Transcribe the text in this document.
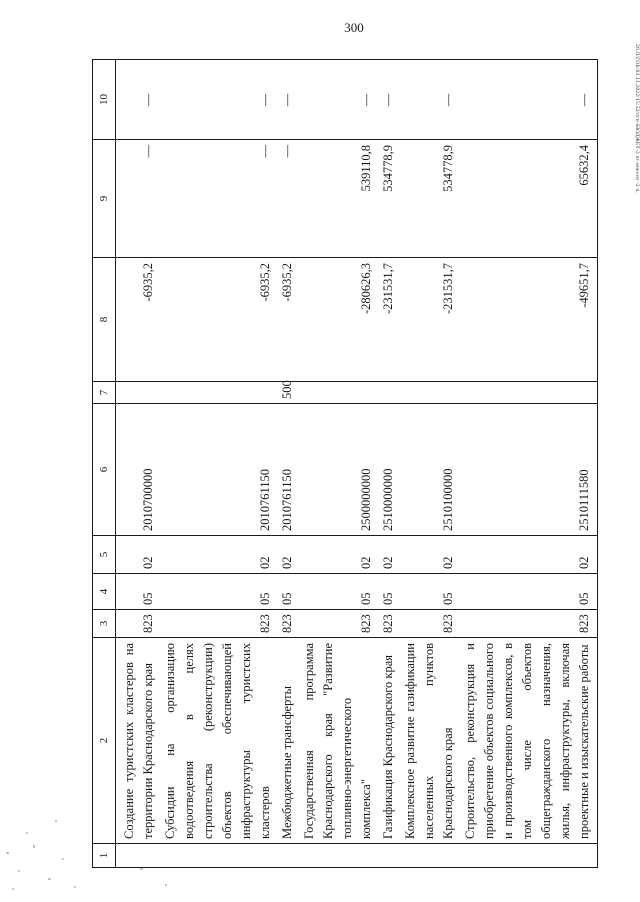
300
20.Л/ГОБ/02.11.2022/15:52/пгн-БЮДЖЕТ-2 чт-внесен -2 ч.
1	2	3	4	5	6	7	8	9	10
	Создание туристских кластеров на территории Краснодарского края	823	05	02	2010700000		-6935,2	—	—
	Субсидии на организацию водоотведения в целях строительства (реконструкции) объектов обеспечивающей инфраструктуры туристских кластеров	823	05	02	2010761150		-6935,2	—	—
	Межбюджетные трансферты	823	05	02	2010761150	500	-6935,2	—	—
	Государственная программа Краснодарского края "Развитие топливно-энергетического комплекса"	823	05	02	2500000000		-280626,3	539110,8	—
	Газификация Краснодарского края	823	05	02	2510000000		-231531,7	534778,9	—
	Комплексное развитие газификации населенных пунктов Краснодарского края	823	05	02	2510100000		-231531,7	534778,9	—
	Строительство, реконструкция и приобретение объектов социального и производственного комплексов, в том числе объектов общегражданского назначения, жилья, инфраструктуры, включая проектные и изыскательские работы	823	05	02	2510111580		-49651,7	65632,4	—
